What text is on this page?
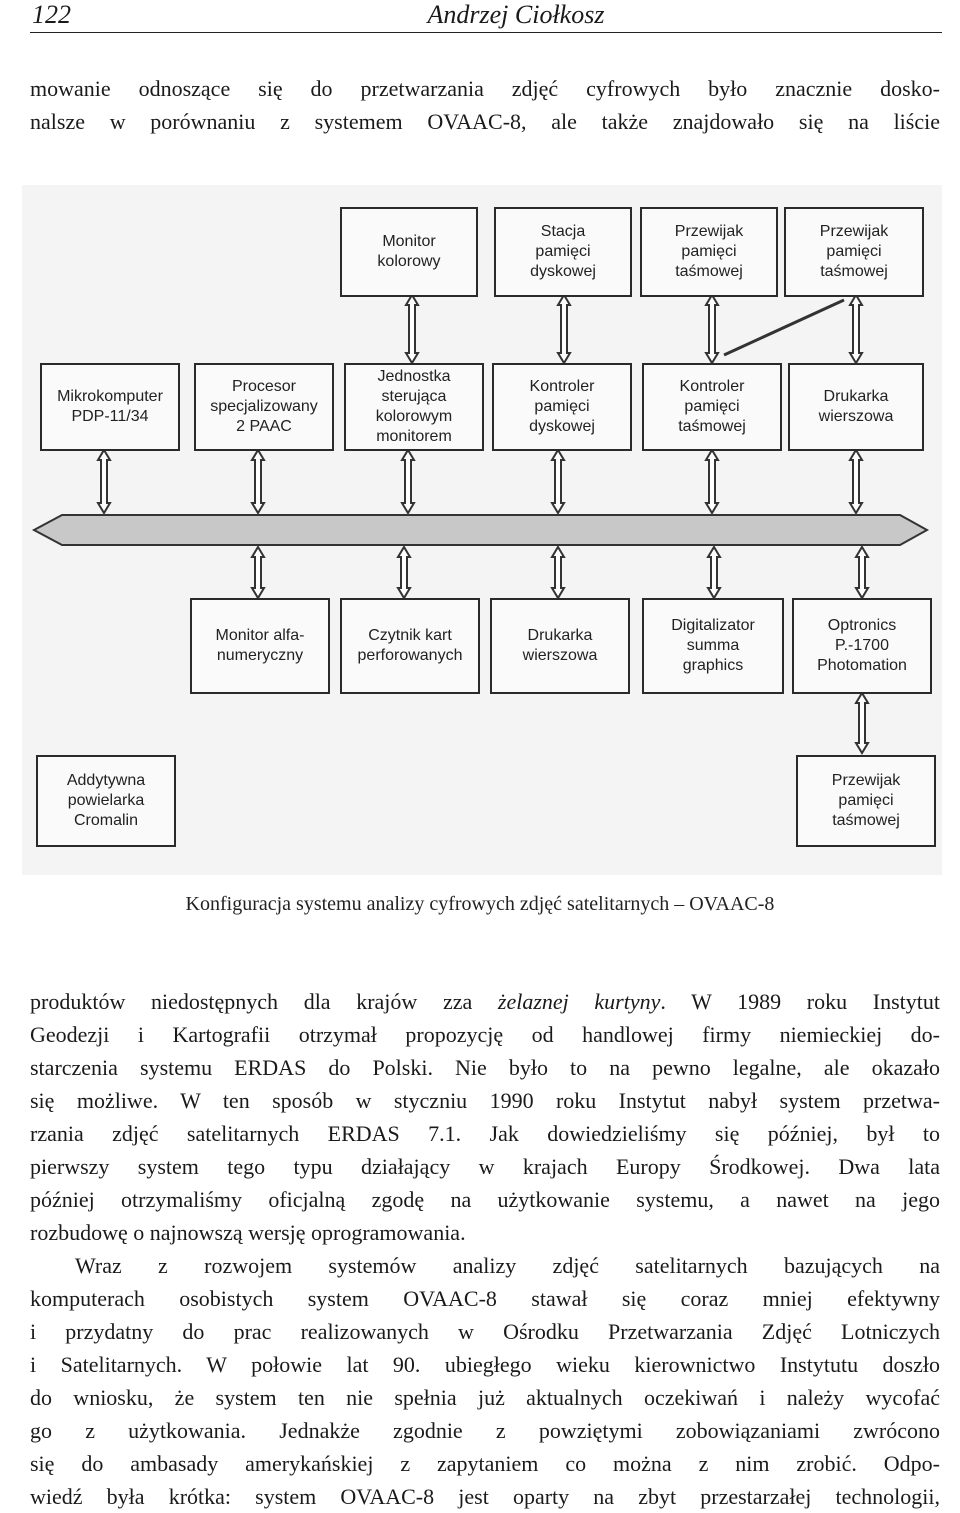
122	Andrzej Ciołkosz
mowanie odnoszące się do przetwarzania zdjęć cyfrowych było znacznie dosko-
nalsze w porównaniu z systemem OVAAC-8, ale także znajdowało się na liście
Monitor
kolorowy
Stacja
pamięci
dyskowej
Przewijak
pamięci
taśmowej
Przewijak
pamięci
taśmowej
Mikrokomputer
PDP-11/34
Procesor
specjalizowany
2 PAAC
Jednostka
sterująca
kolorowym
monitorem
Kontroler
pamięci
dyskowej
Kontroler
pamięci
taśmowej
Drukarka
wierszowa
Monitor alfa-
numeryczny
Czytnik kart
perforowanych
Drukarka
wierszowa
Digitalizator
summa
graphics
Optronics
P.-1700
Photomation
Addytywna
powielarka
Cromalin
Przewijak
pamięci
taśmowej
Konfiguracja systemu analizy cyfrowych zdjęć satelitarnych – OVAAC-8
produktów niedostępnych dla krajów zza żelaznej kurtyny. W 1989 roku Instytut
Geodezji i Kartografii otrzymał propozycję od handlowej firmy niemieckiej do-
starczenia systemu ERDAS do Polski. Nie było to na pewno legalne, ale okazało
się możliwe. W ten sposób w styczniu 1990 roku Instytut nabył system przetwa-
rzania zdjęć satelitarnych ERDAS 7.1. Jak dowiedzieliśmy się później, był to
pierwszy system tego typu działający w krajach Europy Środkowej. Dwa lata
później otrzymaliśmy oficjalną zgodę na użytkowanie systemu, a nawet na jego
rozbudowę o najnowszą wersję oprogramowania.
Wraz z rozwojem systemów analizy zdjęć satelitarnych bazujących na
komputerach osobistych system OVAAC-8 stawał się coraz mniej efektywny
i przydatny do prac realizowanych w Ośrodku Przetwarzania Zdjęć Lotniczych
i Satelitarnych. W połowie lat 90. ubiegłego wieku kierownictwo Instytutu doszło
do wniosku, że system ten nie spełnia już aktualnych oczekiwań i należy wycofać
go z użytkowania. Jednakże zgodnie z powziętymi zobowiązaniami zwrócono
się do ambasady amerykańskiej z zapytaniem co można z nim zrobić. Odpo-
wiedź była krótka: system OVAAC-8 jest oparty na zbyt przestarzałej technologii,
